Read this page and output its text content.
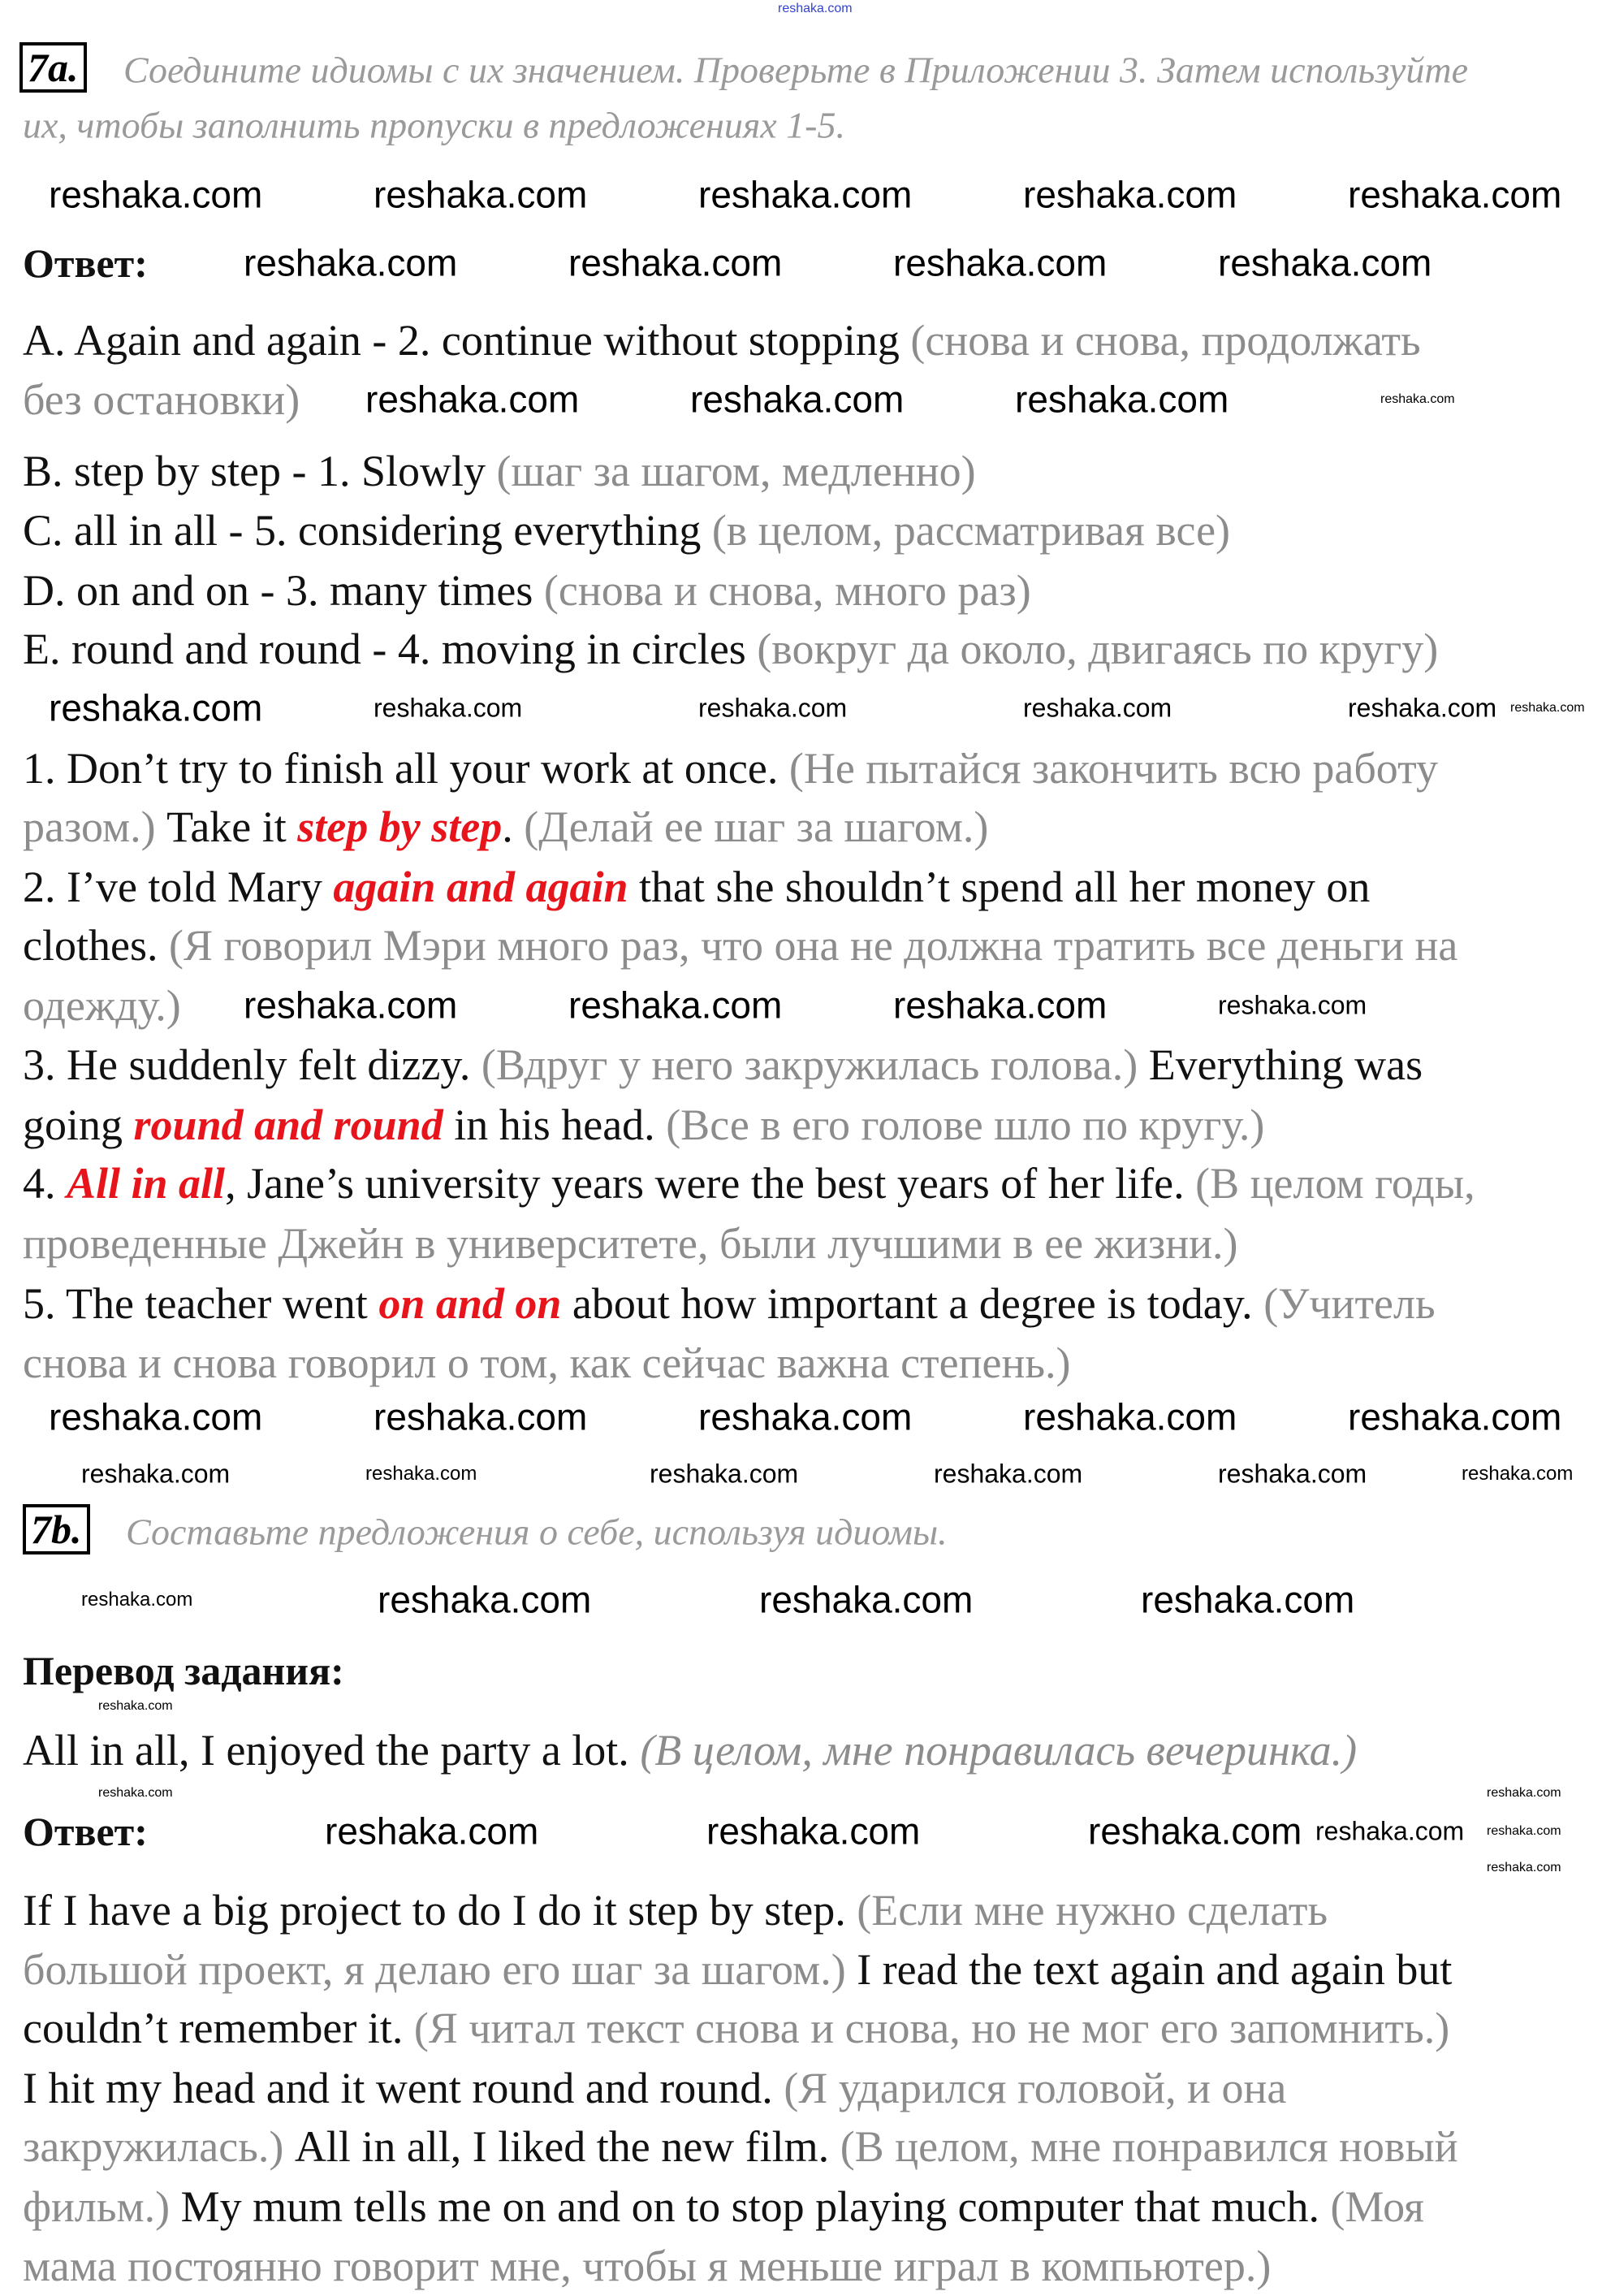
7a. Соедините идиомы с их значением. Проверьте в Приложении 3. Затем используйте
их, чтобы заполнить пропуски в предложениях 1-5.
Ответ:
A. Again and again - 2. continue without stopping (снова и снова, продолжать
без остановки)
B. step by step - 1. Slowly (шаг за шагом, медленно)
C. all in all - 5. considering everything (в целом, рассматривая все)
D. on and on - 3. many times (снова и снова, много раз)
E. round and round - 4. moving in circles (вокруг да около, двигаясь по кругу)
1. Don’t try to finish all your work at once. (Не пытайся закончить всю работу
разом.) Take it step by step. (Делай ее шаг за шагом.)
2. I’ve told Mary again and again that she shouldn’t spend all her money on
clothes. (Я говорил Мэри много раз, что она не должна тратить все деньги на
одежду.)
3. He suddenly felt dizzy. (Вдруг у него закружилась голова.) Everything was
going round and round in his head. (Все в его голове шло по кругу.)
4. All in all, Jane’s university years were the best years of her life. (В целом годы,
проведенные Джейн в университете, были лучшими в ее жизни.)
5. The teacher went on and on about how important a degree is today. (Учитель
снова и снова говорил о том, как сейчас важна степень.)
7b. Составьте предложения о себе, используя идиомы.
Перевод задания:
All in all, I enjoyed the party a lot. (В целом, мне понравилась вечеринка.)
Ответ:
If I have a big project to do I do it step by step. (Если мне нужно сделать
большой проект, я делаю его шаг за шагом.) I read the text again and again but
couldn’t remember it. (Я читал текст снова и снова, но не мог его запомнить.)
I hit my head and it went round and round. (Я ударился головой, и она
закружилась.) All in all, I liked the new film. (В целом, мне понравился новый
фильм.) My mum tells me on and on to stop playing computer that much. (Моя
мама постоянно говорит мне, чтобы я меньше играл в компьютер.)
reshaka.com
reshaka.com	reshaka.com	reshaka.com	reshaka.com	reshaka.com
reshaka.com	reshaka.com	reshaka.com	reshaka.com
reshaka.com	reshaka.com	reshaka.com	reshaka.com
reshaka.com	reshaka.com	reshaka.com	reshaka.com	reshaka.com reshaka.com
reshaka.com	reshaka.com	reshaka.com	reshaka.com
reshaka.com	reshaka.com	reshaka.com	reshaka.com	reshaka.com
reshaka.com	reshaka.com	reshaka.com	reshaka.com	reshaka.com	reshaka.com
reshaka.com	reshaka.com	reshaka.com	reshaka.com
reshaka.com
reshaka.com	reshaka.com
reshaka.com	reshaka.com	reshaka.com reshaka.com reshaka.com
reshaka.com
